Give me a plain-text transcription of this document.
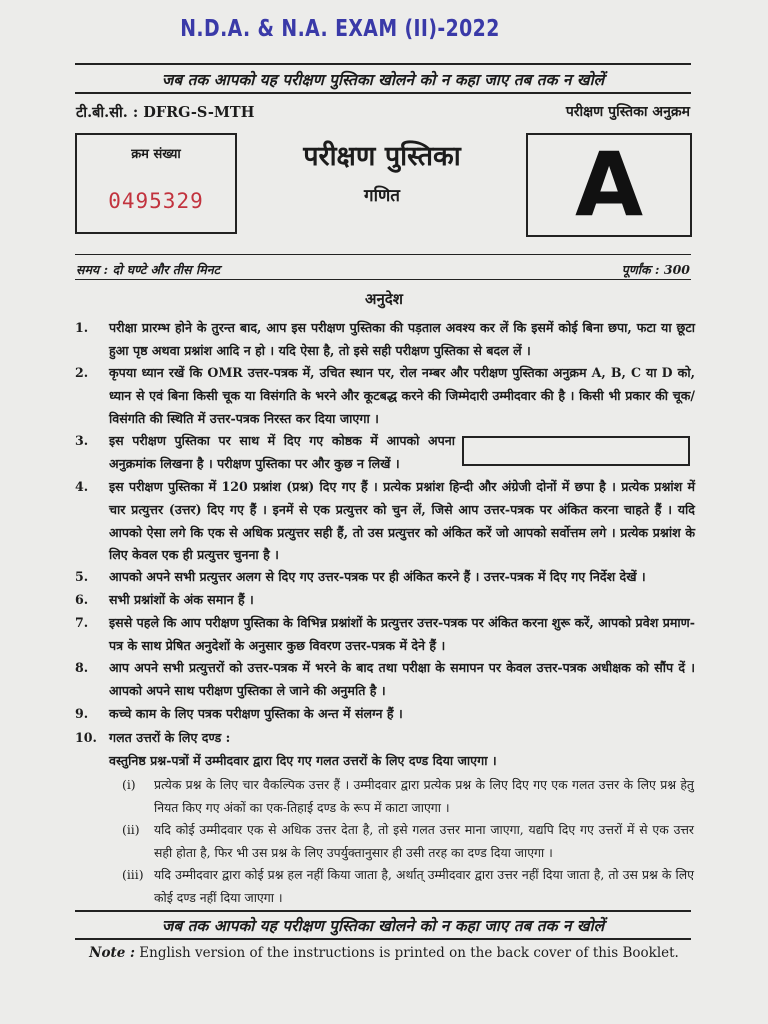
N.D.A. & N.A. EXAM (II)-2022
जब तक आपको यह परीक्षण पुस्तिका खोलने को न कहा जाए तब तक न खोलें
टी.बी.सी. : DFRG-S-MTH	परीक्षण पुस्तिका अनुक्रम
क्रम संख्या
0495329
परीक्षण पुस्तिका
गणित	A
समय : दो घण्टे और तीस मिनट	पूर्णांक : 300
अनुदेश
1. परीक्षा प्रारम्भ होने के तुरन्त बाद, आप इस परीक्षण पुस्तिका की पड़ताल अवश्य कर लें कि इसमें कोई बिना छपा, फटा या छूटा हुआ पृष्ठ अथवा प्रश्नांश आदि न हो । यदि ऐसा है, तो इसे सही परीक्षण पुस्तिका से बदल लें ।
2. कृपया ध्यान रखें कि OMR उत्तर-पत्रक में, उचित स्थान पर, रोल नम्बर और परीक्षण पुस्तिका अनुक्रम A, B, C या D को, ध्यान से एवं बिना किसी चूक या विसंगति के भरने और कूटबद्ध करने की जिम्मेदारी उम्मीदवार की है । किसी भी प्रकार की चूक/विसंगति की स्थिति में उत्तर-पत्रक निरस्त कर दिया जाएगा ।
3. इस परीक्षण पुस्तिका पर साथ में दिए गए कोष्ठक में आपको अपना अनुक्रमांक लिखना है । परीक्षण पुस्तिका पर और कुछ न लिखें ।
4. इस परीक्षण पुस्तिका में 120 प्रश्नांश (प्रश्न) दिए गए हैं । प्रत्येक प्रश्नांश हिन्दी और अंग्रेजी दोनों में छपा है । प्रत्येक प्रश्नांश में चार प्रत्युत्तर (उत्तर) दिए गए हैं । इनमें से एक प्रत्युत्तर को चुन लें, जिसे आप उत्तर-पत्रक पर अंकित करना चाहते हैं । यदि आपको ऐसा लगे कि एक से अधिक प्रत्युत्तर सही हैं, तो उस प्रत्युत्तर को अंकित करें जो आपको सर्वोत्तम लगे । प्रत्येक प्रश्नांश के लिए केवल एक ही प्रत्युत्तर चुनना है ।
5. आपको अपने सभी प्रत्युत्तर अलग से दिए गए उत्तर-पत्रक पर ही अंकित करने हैं । उत्तर-पत्रक में दिए गए निर्देश देखें ।
6. सभी प्रश्नांशों के अंक समान हैं ।
7. इससे पहले कि आप परीक्षण पुस्तिका के विभिन्न प्रश्नांशों के प्रत्युत्तर उत्तर-पत्रक पर अंकित करना शुरू करें, आपको प्रवेश प्रमाण-पत्र के साथ प्रेषित अनुदेशों के अनुसार कुछ विवरण उत्तर-पत्रक में देने हैं ।
8. आप अपने सभी प्रत्युत्तरों को उत्तर-पत्रक में भरने के बाद तथा परीक्षा के समापन पर केवल उत्तर-पत्रक अधीक्षक को सौंप दें । आपको अपने साथ परीक्षण पुस्तिका ले जाने की अनुमति है ।
9. कच्चे काम के लिए पत्रक परीक्षण पुस्तिका के अन्त में संलग्न हैं ।
10. गलत उत्तरों के लिए दण्ड :
वस्तुनिष्ठ प्रश्न-पत्रों में उम्मीदवार द्वारा दिए गए गलत उत्तरों के लिए दण्ड दिया जाएगा ।
(i) प्रत्येक प्रश्न के लिए चार वैकल्पिक उत्तर हैं । उम्मीदवार द्वारा प्रत्येक प्रश्न के लिए दिए गए एक गलत उत्तर के लिए प्रश्न हेतु नियत किए गए अंकों का एक-तिहाई दण्ड के रूप में काटा जाएगा ।
(ii) यदि कोई उम्मीदवार एक से अधिक उत्तर देता है, तो इसे गलत उत्तर माना जाएगा, यद्यपि दिए गए उत्तरों में से एक उत्तर सही होता है, फिर भी उस प्रश्न के लिए उपर्युक्तानुसार ही उसी तरह का दण्ड दिया जाएगा ।
(iii) यदि उम्मीदवार द्वारा कोई प्रश्न हल नहीं किया जाता है, अर्थात् उम्मीदवार द्वारा उत्तर नहीं दिया जाता है, तो उस प्रश्न के लिए कोई दण्ड नहीं दिया जाएगा ।
जब तक आपको यह परीक्षण पुस्तिका खोलने को न कहा जाए तब तक न खोलें
Note : English version of the instructions is printed on the back cover of this Booklet.
